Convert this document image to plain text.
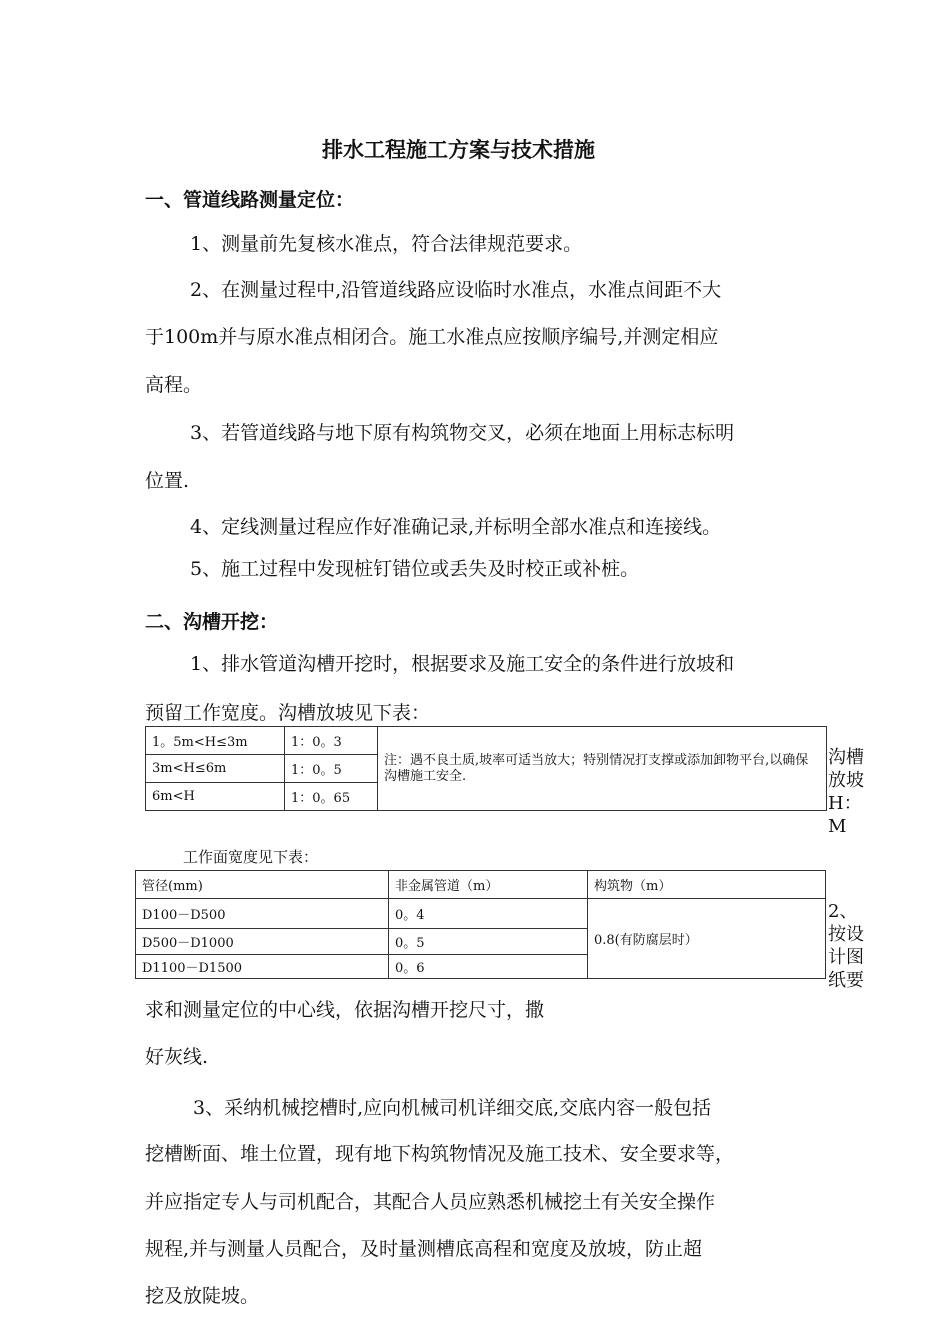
排水工程施工方案与技术措施
一、管道线路测量定位：
1、测量前先复核水准点，符合法律规范要求。
2、在测量过程中,沿管道线路应设临时水准点，水准点间距不大
于100m并与原水准点相闭合。施工水准点应按顺序编号,并测定相应
高程。
3、若管道线路与地下原有构筑物交叉，必须在地面上用标志标明
位置.
4、定线测量过程应作好准确记录,并标明全部水准点和连接线。
5、施工过程中发现桩钉错位或丢失及时校正或补桩。
二、沟槽开挖：
1、排水管道沟槽开挖时，根据要求及施工安全的条件进行放坡和
预留工作宽度。沟槽放坡见下表：
1。5m<H≤3m	1：0。3	注：遇不良土质,坡率可适当放大；特别情况打支撑或添加卸物平台,以确保沟槽施工安全.
3m<H≤6m	1：0。5	
6m<H	1：0。65	
沟槽放坡H：M
工作面宽度见下表：
管径(mm)	非金属管道（m）	构筑物（m）
D100－D500	0。4	0.8(有防腐层时）
D500－D1000	0。5	
D1100－D1500	0。6	
2、按设计图纸要
求和测量定位的中心线，依据沟槽开挖尺寸，撒
好灰线.
3、采纳机械挖槽时,应向机械司机详细交底,交底内容一般包括
挖槽断面、堆土位置，现有地下构筑物情况及施工技术、安全要求等，
并应指定专人与司机配合，其配合人员应熟悉机械挖土有关安全操作
规程,并与测量人员配合，及时量测槽底高程和宽度及放坡，防止超
挖及放陡坡。
